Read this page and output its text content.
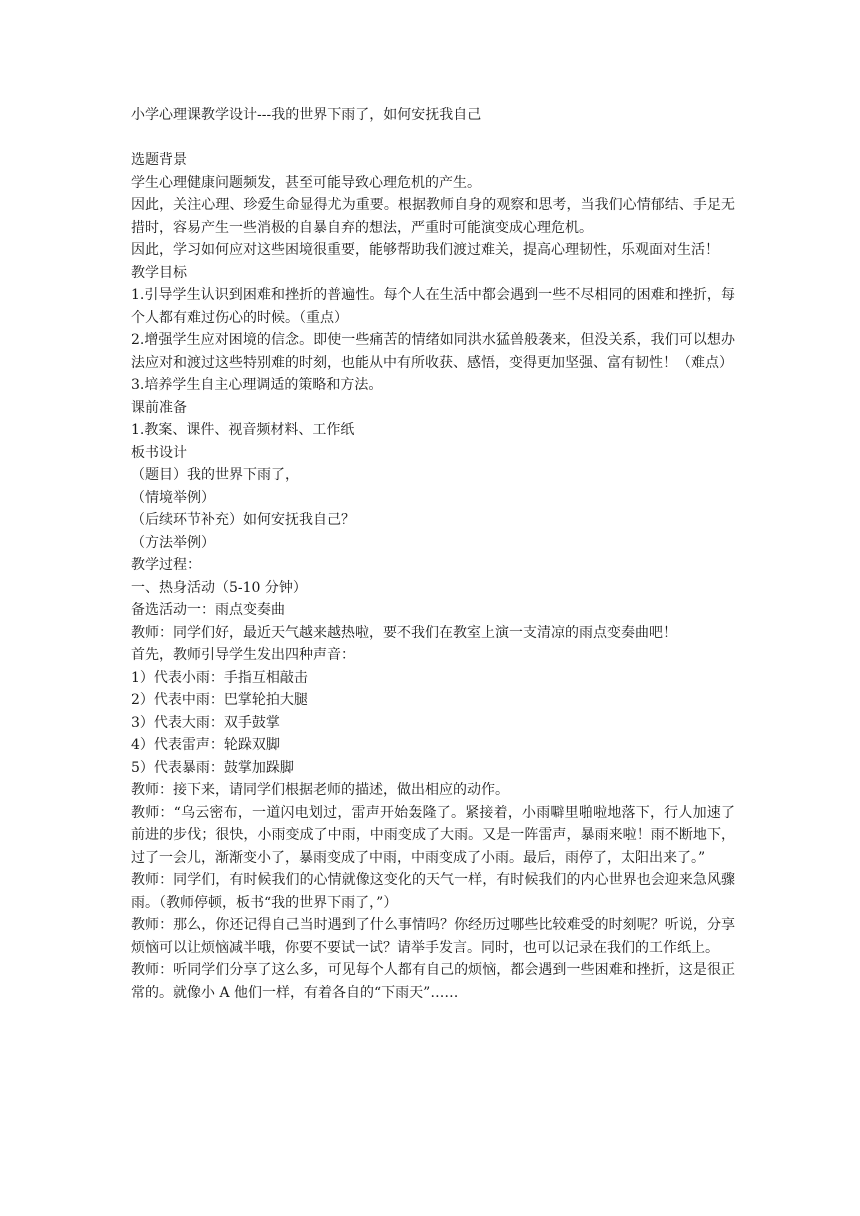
小学心理课教学设计---我的世界下雨了，如何安抚我自己
选题背景
学生心理健康问题频发，甚至可能导致心理危机的产生。
因此，关注心理、珍爱生命显得尤为重要。根据教师自身的观察和思考，当我们心情郁结、手足无措时，容易产生一些消极的自暴自弃的想法，严重时可能演变成心理危机。
因此，学习如何应对这些困境很重要，能够帮助我们渡过难关，提高心理韧性，乐观面对生活！
教学目标
1.引导学生认识到困难和挫折的普遍性。每个人在生活中都会遇到一些不尽相同的困难和挫折，每个人都有难过伤心的时候。（重点）
2.增强学生应对困境的信念。即使一些痛苦的情绪如同洪水猛兽般袭来，但没关系，我们可以想办法应对和渡过这些特别难的时刻，也能从中有所收获、感悟，变得更加坚强、富有韧性！（难点）
3.培养学生自主心理调适的策略和方法。
课前准备
1.教案、课件、视音频材料、工作纸
板书设计
（题目）我的世界下雨了，
（情境举例）
（后续环节补充）如何安抚我自己？
（方法举例）
教学过程：
一、热身活动（5-10 分钟）
备选活动一：雨点变奏曲
教师：同学们好，最近天气越来越热啦，要不我们在教室上演一支清凉的雨点变奏曲吧！
首先，教师引导学生发出四种声音：
1）代表小雨：手指互相敲击
2）代表中雨：巴掌轮拍大腿
3）代表大雨：双手鼓掌
4）代表雷声：轮跺双脚
5）代表暴雨：鼓掌加跺脚
教师：接下来，请同学们根据老师的描述，做出相应的动作。
教师：“乌云密布，一道闪电划过，雷声开始轰隆了。紧接着，小雨噼里啪啦地落下，行人加速了前进的步伐；很快，小雨变成了中雨，中雨变成了大雨。又是一阵雷声，暴雨来啦！雨不断地下，过了一会儿，渐渐变小了，暴雨变成了中雨，中雨变成了小雨。最后，雨停了，太阳出来了。”
教师：同学们，有时候我们的心情就像这变化的天气一样，有时候我们的内心世界也会迎来急风骤雨。（教师停顿，板书“我的世界下雨了，”）
教师：那么，你还记得自己当时遇到了什么事情吗？你经历过哪些比较难受的时刻呢？听说，分享烦恼可以让烦恼减半哦，你要不要试一试？请举手发言。同时，也可以记录在我们的工作纸上。
教师：听同学们分享了这么多，可见每个人都有自己的烦恼，都会遇到一些困难和挫折，这是很正常的。就像小 A 他们一样，有着各自的“下雨天”……
